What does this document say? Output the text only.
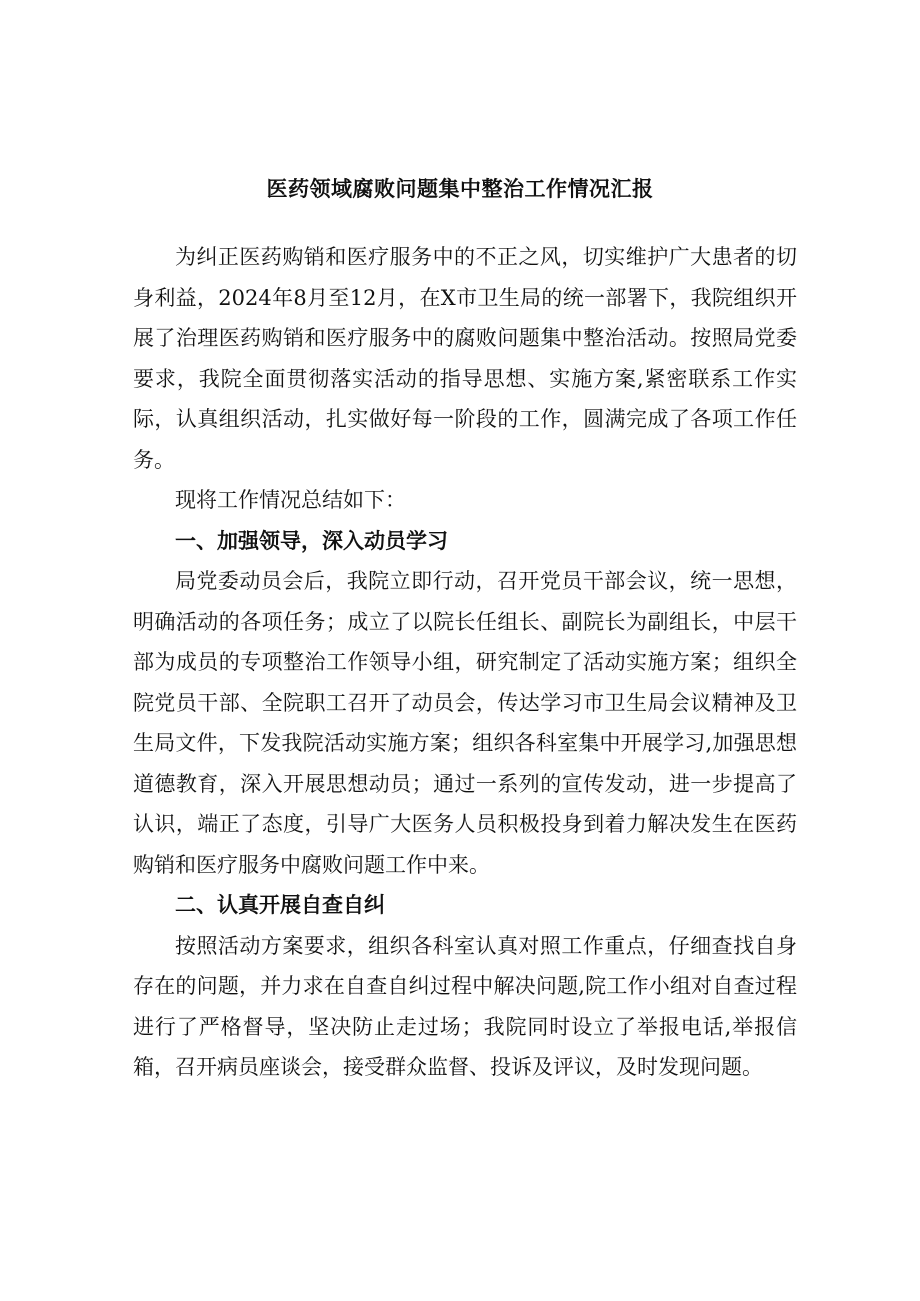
医药领域腐败问题集中整治工作情况汇报

为纠正医药购销和医疗服务中的不正之风，切实维护广大患者的切身利益，2024年8月至12月，在X市卫生局的统一部署下，我院组织开展了治理医药购销和医疗服务中的腐败问题集中整治活动。按照局党委要求，我院全面贯彻落实活动的指导思想、实施方案,紧密联系工作实际，认真组织活动，扎实做好每一阶段的工作，圆满完成了各项工作任务。

现将工作情况总结如下：

一、加强领导，深入动员学习

局党委动员会后，我院立即行动，召开党员干部会议，统一思想，明确活动的各项任务；成立了以院长任组长、副院长为副组长，中层干部为成员的专项整治工作领导小组，研究制定了活动实施方案；组织全院党员干部、全院职工召开了动员会，传达学习市卫生局会议精神及卫生局文件，下发我院活动实施方案；组织各科室集中开展学习,加强思想道德教育，深入开展思想动员；通过一系列的宣传发动，进一步提高了认识，端正了态度，引导广大医务人员积极投身到着力解决发生在医药购销和医疗服务中腐败问题工作中来。

二、认真开展自查自纠

按照活动方案要求，组织各科室认真对照工作重点，仔细查找自身存在的问题，并力求在自查自纠过程中解决问题,院工作小组对自查过程进行了严格督导，坚决防止走过场；我院同时设立了举报电话,举报信箱，召开病员座谈会，接受群众监督、投诉及评议，及时发现问题。
